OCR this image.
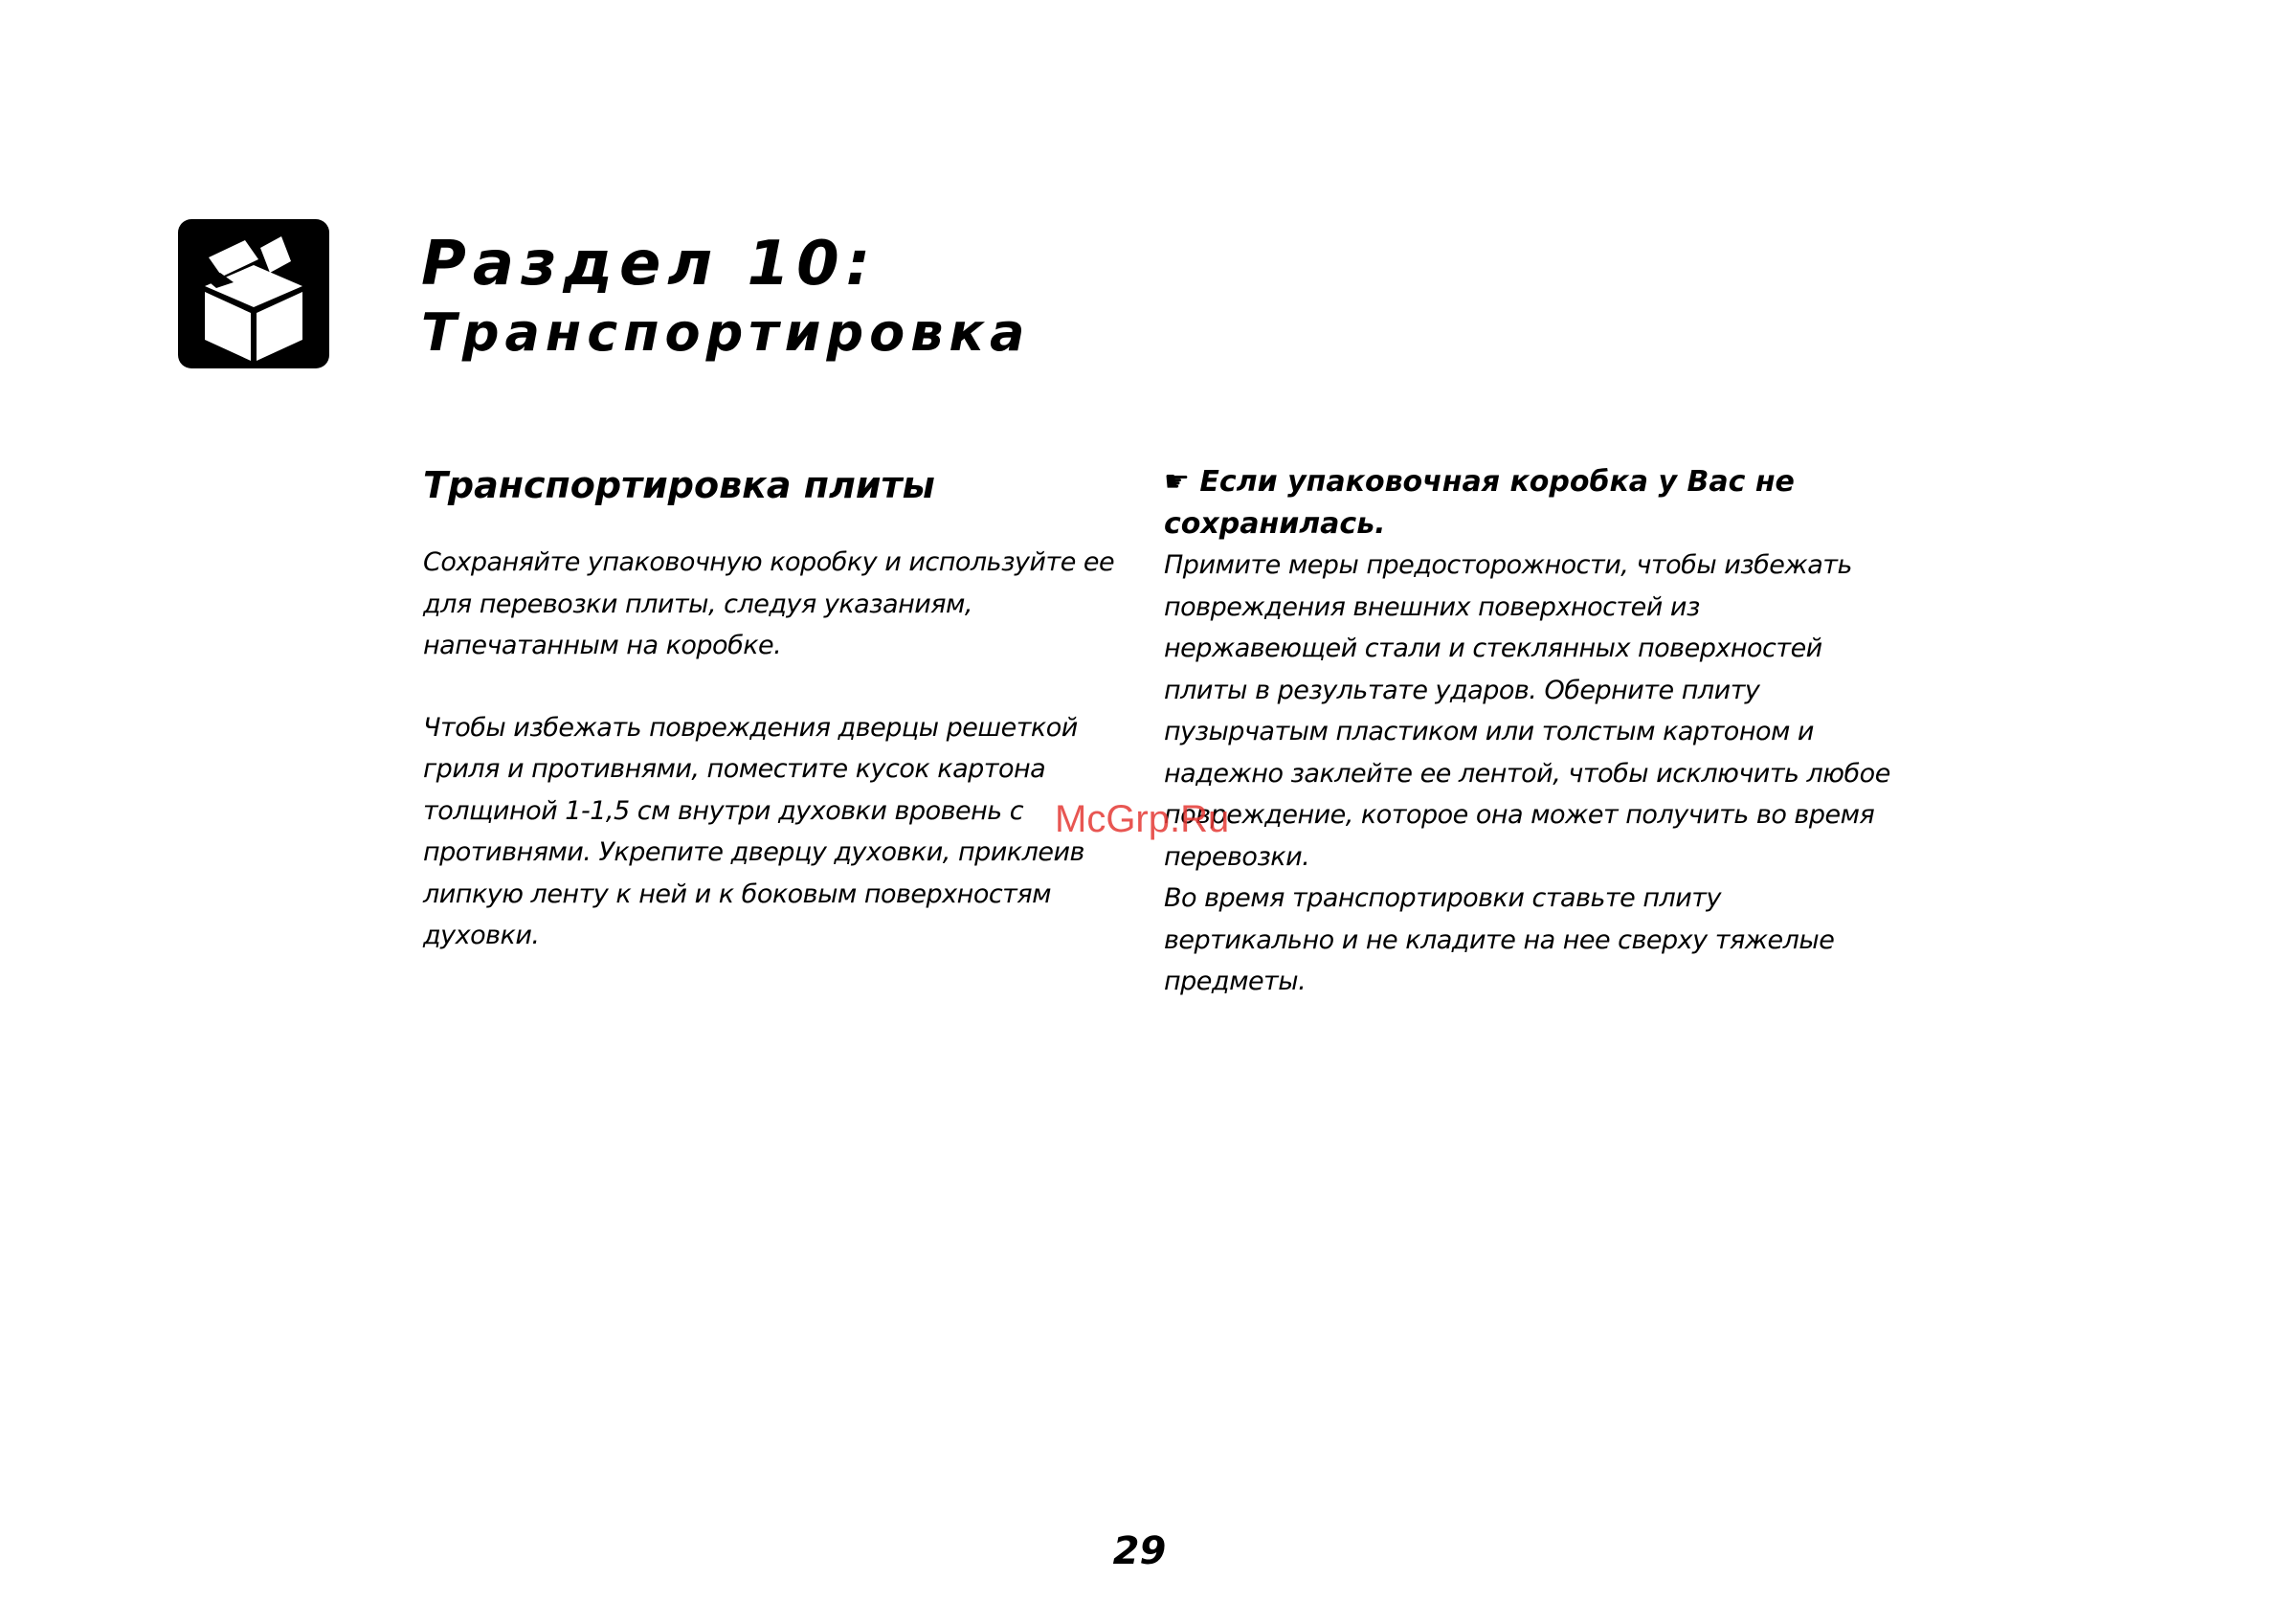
Раздел 10:
Транспортировка
Транспортировка плиты

Сохраняйте упаковочную коробку и используйте ее для перевозки плиты, следуя указаниям, напечатанным на коробке.

Чтобы избежать повреждения дверцы решеткой гриля и противнями, поместите кусок картона толщиной 1-1,5 см внутри духовки вровень с противнями. Укрепите дверцу духовки, приклеив липкую ленту к ней и к боковым поверхностям духовки.

☛ Если упаковочная коробка у Вас не сохранилась.

Примите меры предосторожности, чтобы избежать повреждения внешних поверхностей из нержавеющей стали и стеклянных поверхностей плиты в результате ударов. Оберните плиту пузырчатым пластиком или толстым картоном и надежно заклейте ее лентой, чтобы исключить любое повреждение, которое она может получить во время перевозки.

Во время транспортировки ставьте плиту вертикально и не кладите на нее сверху тяжелые предметы.

McGrp.Ru
29
